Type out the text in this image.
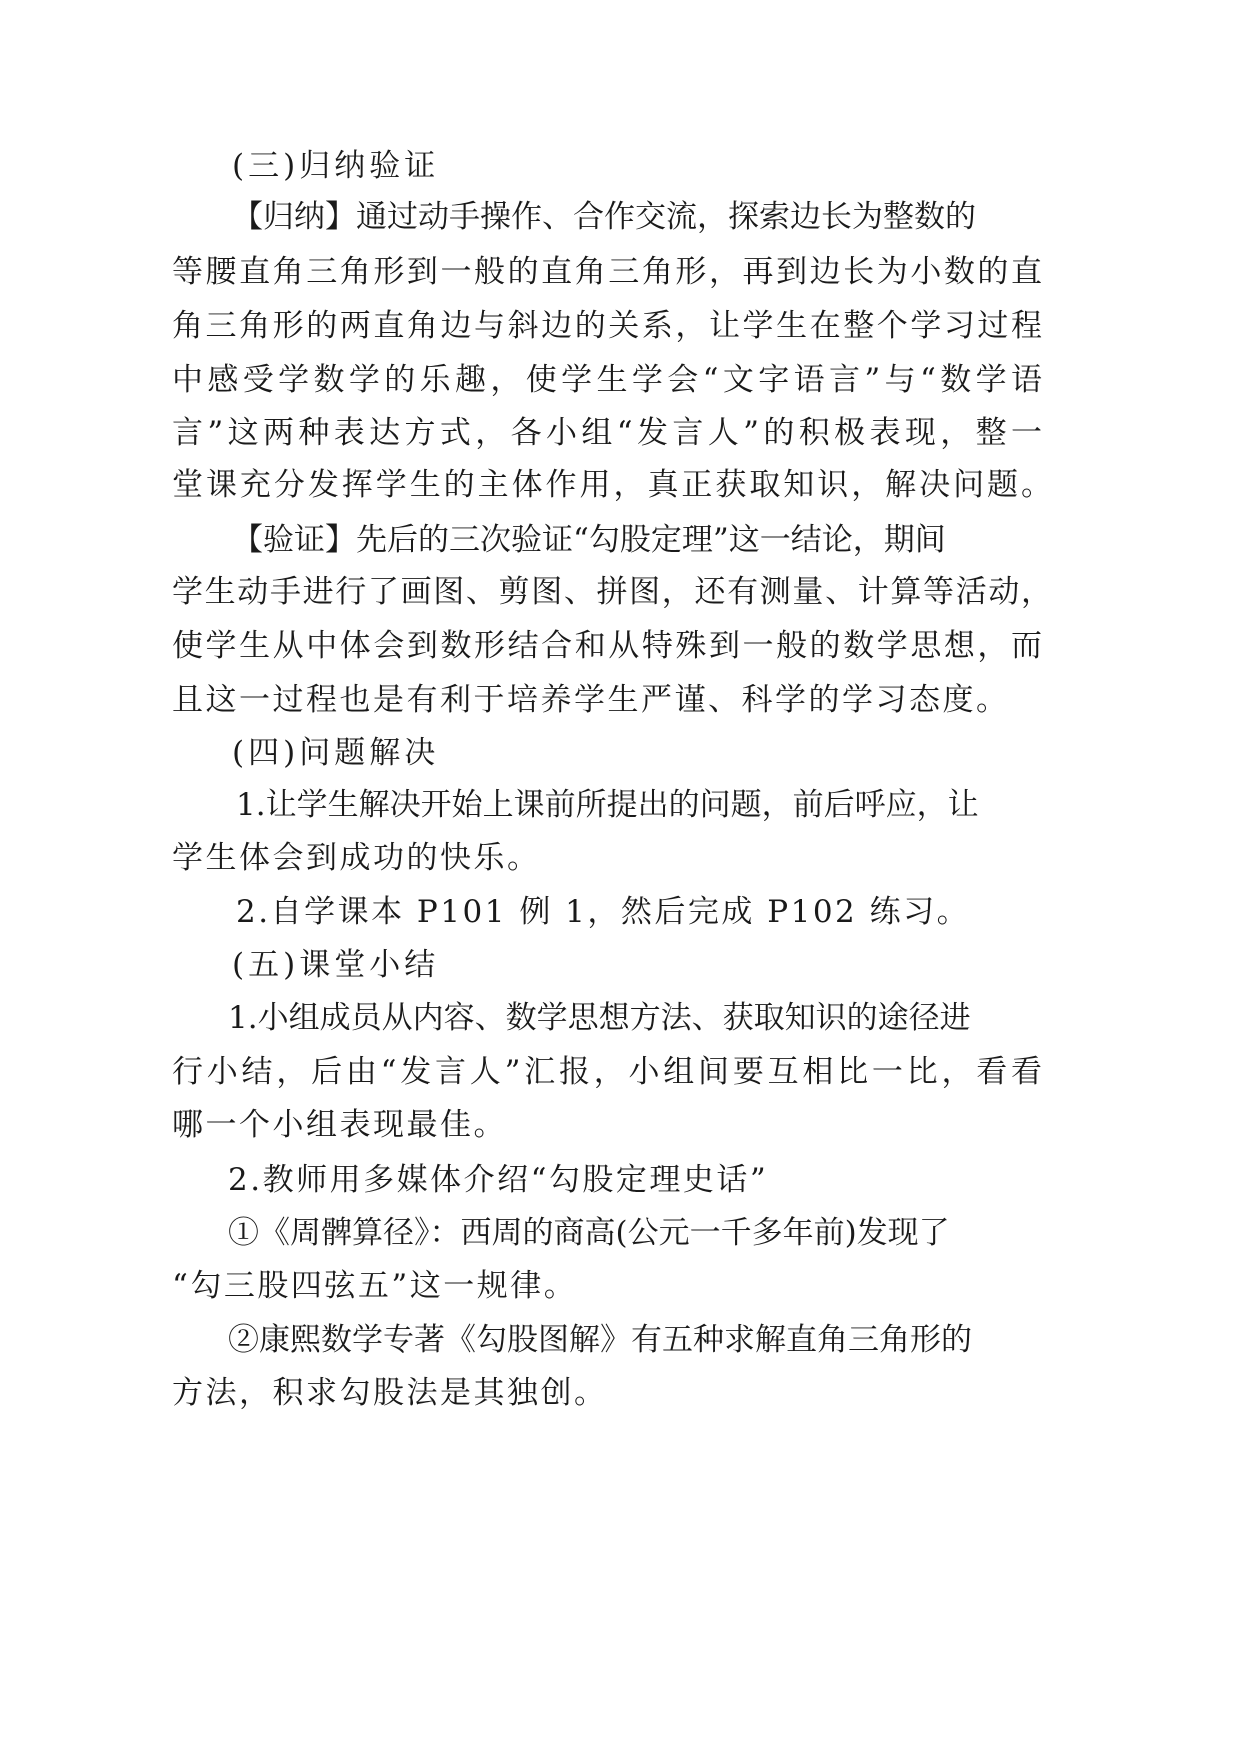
(三)归纳验证
【归纳】通过动手操作、合作交流，探索边长为整数的
等腰直角三角形到一般的直角三角形，再到边长为小数的直
角三角形的两直角边与斜边的关系，让学生在整个学习过程
中感受学数学的乐趣，使学生学会“文字语言”与“数学语
言”这两种表达方式，各小组“发言人”的积极表现，整一
堂课充分发挥学生的主体作用，真正获取知识，解决问题。
【验证】先后的三次验证“勾股定理”这一结论，期间
学生动手进行了画图、剪图、拼图，还有测量、计算等活动，
使学生从中体会到数形结合和从特殊到一般的数学思想，而
且这一过程也是有利于培养学生严谨、科学的学习态度。
(四)问题解决
1.让学生解决开始上课前所提出的问题，前后呼应，让
学生体会到成功的快乐。
2.自学课本 P101 例 1，然后完成 P102 练习。
(五)课堂小结
1.小组成员从内容、数学思想方法、获取知识的途径进
行小结，后由“发言人”汇报，小组间要互相比一比，看看
哪一个小组表现最佳。
2.教师用多媒体介绍“勾股定理史话”
①《周髀算径》：西周的商高(公元一千多年前)发现了
“勾三股四弦五”这一规律。
②康熙数学专著《勾股图解》有五种求解直角三角形的
方法，积求勾股法是其独创。
